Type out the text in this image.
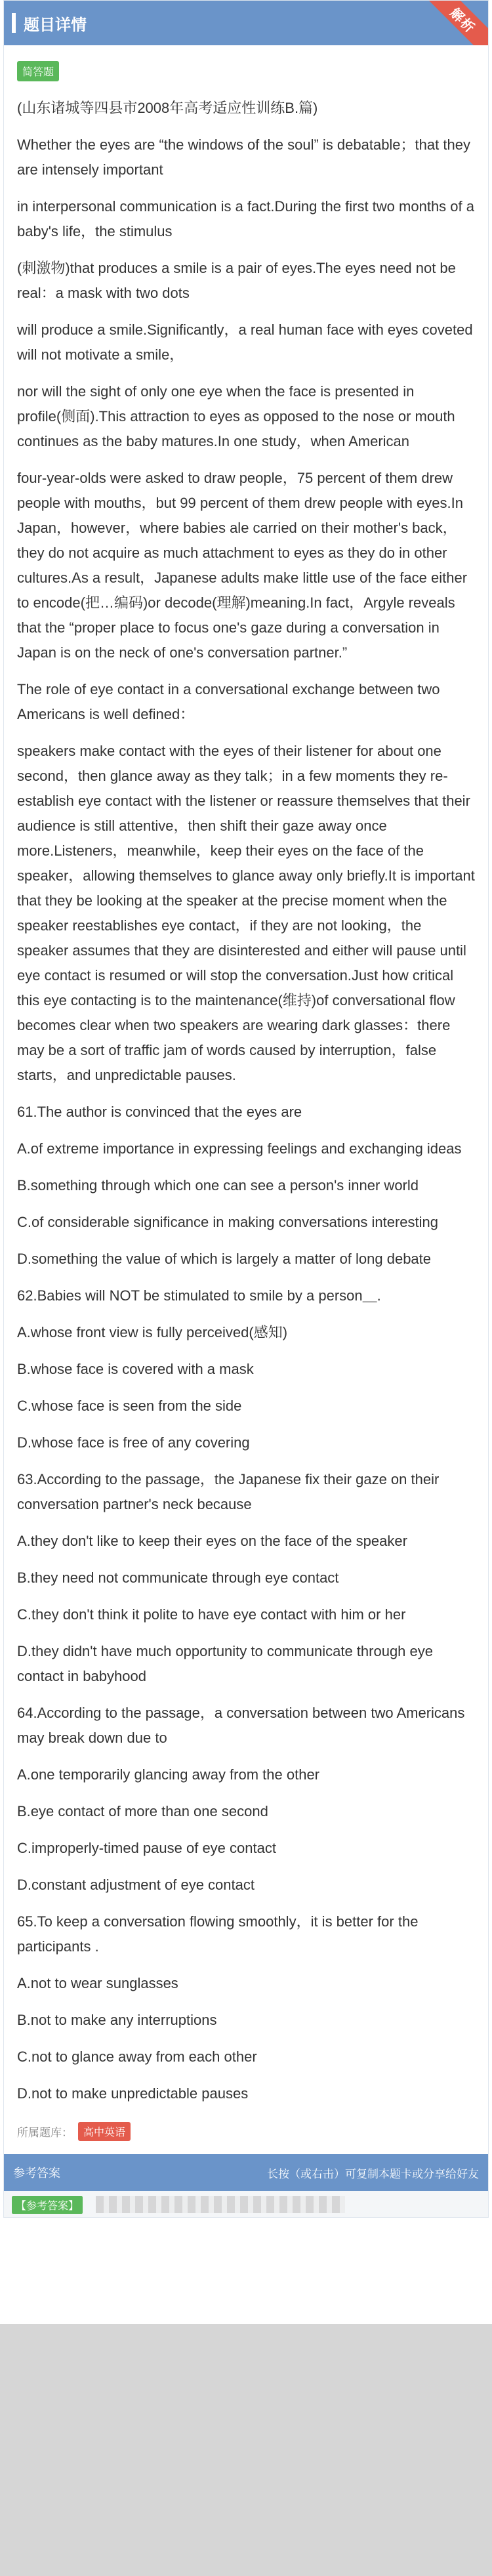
题目详情	解析
简答题

(山东诸城等四县市2008年高考适应性训练B.篇)

Whether the eyes are “the windows of the soul” is debatable；that they are intensely important

in interpersonal communication is a fact.During the first two months of a baby's life，the stimulus

(刺激物)that produces a smile is a pair of eyes.The eyes need not be real：a mask with two dots

will produce a smile.Significantly，a real human face with eyes coveted will not motivate a smile，

nor will the sight of only one eye when the face is presented in profile(侧面).This attraction to eyes as opposed to the nose or mouth continues as the baby matures.In one study，when American

four-year-olds were asked to draw people，75 percent of them drew people with mouths，but 99 percent of them drew people with eyes.In Japan，however，where babies ale carried on their mother's back，they do not acquire as much attachment to eyes as they do in other cultures.As a result，Japanese adults make little use of the face either to encode(把…编码)or decode(理解)meaning.In fact，Argyle reveals that the “proper place to focus one's gaze during a conversation in Japan is on the neck of one's conversation partner.”

The role of eye contact in a conversational exchange between two Americans is well defined：

speakers make contact with the eyes of their listener for about one second，then glance away as they talk；in a few moments they re-establish eye contact with the listener or reassure themselves that their audience is still attentive，then shift their gaze away once more.Listeners，meanwhile，keep their eyes on the face of the speaker，allowing themselves to glance away only briefly.It is important that they be looking at the speaker at the precise moment when the speaker reestablishes eye contact，if they are not looking，the speaker assumes that they are disinterested and either will pause until eye contact is resumed or will stop the conversation.Just how critical this eye contacting is to the maintenance(维持)of conversational flow becomes clear when two speakers are wearing dark glasses：there may be a sort of traffic jam of words caused by interruption，false starts，and unpredictable pauses.

61.The author is convinced that the eyes are

A.of extreme importance in expressing feelings and exchanging ideas

B.something through which one can see a person's inner world

C.of considerable significance in making conversations interesting

D.something the value of which is largely a matter of long debate

62.Babies will NOT be stimulated to smile by a person＿.

A.whose front view is fully perceived(感知)

B.whose face is covered with a mask

C.whose face is seen from the side

D.whose face is free of any covering

63.According to the passage，the Japanese fix their gaze on their conversation partner's neck because

A.they don't like to keep their eyes on the face of the speaker

B.they need not communicate through eye contact

C.they don't think it polite to have eye contact with him or her

D.they didn't have much opportunity to communicate through eye contact in babyhood

64.According to the passage，a conversation between two Americans may break down due to

A.one temporarily glancing away from the other

B.eye contact of more than one second

C.improperly-timed pause of eye contact

D.constant adjustment of eye contact

65.To keep a conversation flowing smoothly，it is better for the participants .

A.not to wear sunglasses

B.not to make any interruptions

C.not to glance away from each other

D.not to make unpredictable pauses

所属题库：	高中英语
参考答案	长按（或右击）可复制本题卡或分享给好友
【参考答案】
